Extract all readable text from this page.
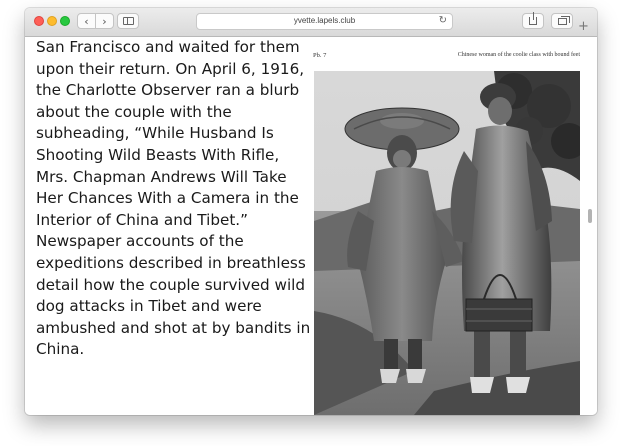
‹ ›	yvette.lapels.club	↻	+

San Francisco and waited for them upon their return. On April 6, 1916, the Charlotte Observer ran a blurb about the couple with the subheading, “While Husband Is Shooting Wild Beasts With Rifle, Mrs. Chapman Andrews Will Take Her Chances With a Camera in the Interior of China and Tibet.” Newspaper accounts of the expeditions described in breathless detail how the couple survived wild dog attacks in Tibet and were ambushed and shot at by bandits in China.

Pb. 7	Chinese woman of the coolie class with bound feet
